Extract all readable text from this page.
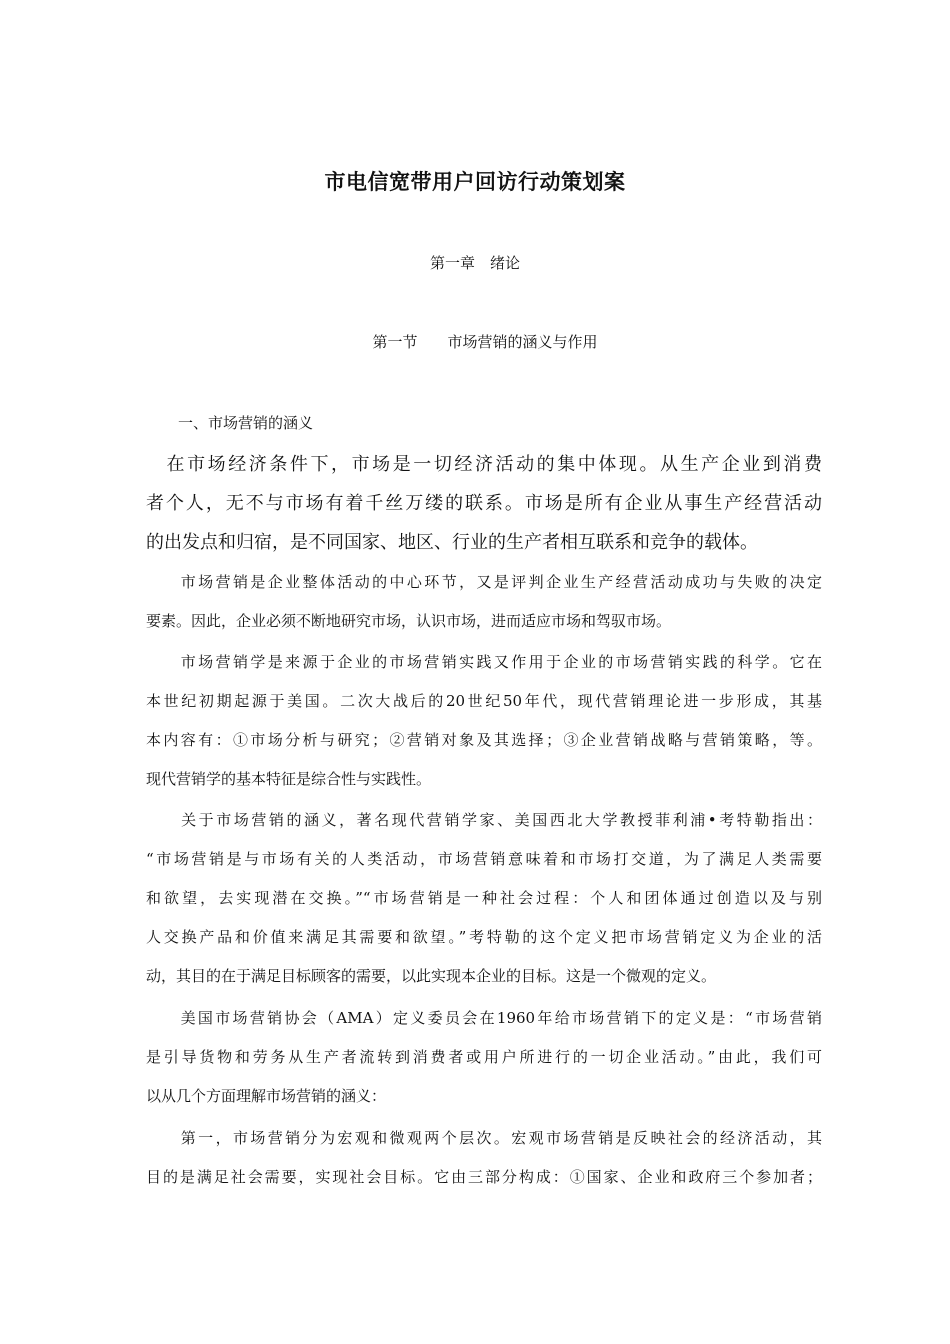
市电信宽带用户回访行动策划案
第一章　绪论
第一节　　市场营销的涵义与作用
一、市场营销的涵义
　在市场经济条件下，市场是一切经济活动的集中体现。从生产企业到消费
者个人，无不与市场有着千丝万缕的联系。市场是所有企业从事生产经营活动
的出发点和归宿，是不同国家、地区、行业的生产者相互联系和竞争的载体。
　　市场营销是企业整体活动的中心环节，又是评判企业生产经营活动成功与失败的决定
要素。因此，企业必须不断地研究市场，认识市场，进而适应市场和驾驭市场。
　　市场营销学是来源于企业的市场营销实践又作用于企业的市场营销实践的科学。它在
本世纪初期起源于美国。二次大战后的20世纪50年代，现代营销理论进一步形成，其基
本内容有：①市场分析与研究；②营销对象及其选择；③企业营销战略与营销策略，等。
现代营销学的基本特征是综合性与实践性。
　　关于市场营销的涵义，著名现代营销学家、美国西北大学教授菲利浦•考特勒指出：
“市场营销是与市场有关的人类活动，市场营销意味着和市场打交道，为了满足人类需要
和欲望，去实现潜在交换。”“市场营销是一种社会过程：个人和团体通过创造以及与别
人交换产品和价值来满足其需要和欲望。”考特勒的这个定义把市场营销定义为企业的活
动，其目的在于满足目标顾客的需要，以此实现本企业的目标。这是一个微观的定义。
　　美国市场营销协会（AMA）定义委员会在1960年给市场营销下的定义是：“市场营销
是引导货物和劳务从生产者流转到消费者或用户所进行的一切企业活动。”由此，我们可
以从几个方面理解市场营销的涵义：
　　第一，市场营销分为宏观和微观两个层次。宏观市场营销是反映社会的经济活动，其
目的是满足社会需要，实现社会目标。它由三部分构成：①国家、企业和政府三个参加者；
